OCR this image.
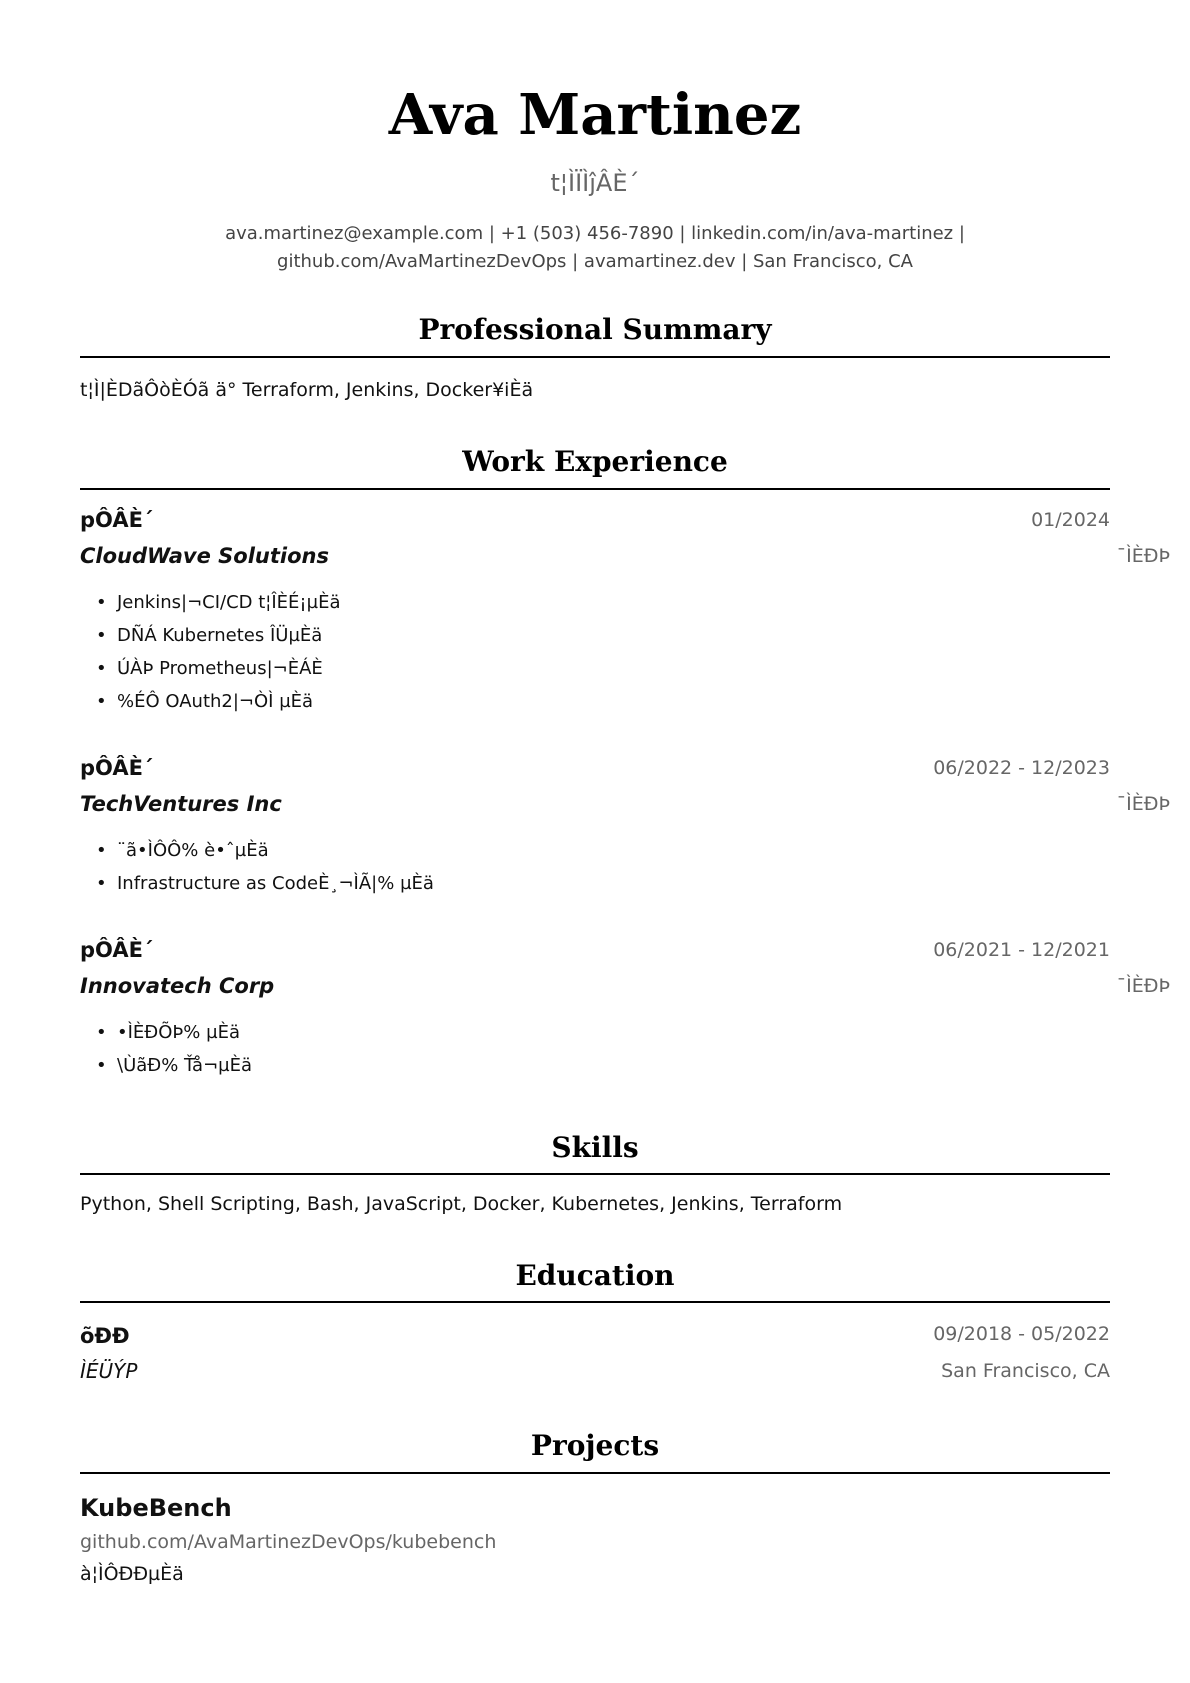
Ava Martinez
t¦ÌÏÌĵÂÈ´
ava.martinez@example.com | +1 (503) 456-7890 | linkedin.com/in/ava-martinez |
github.com/AvaMartinezDevOps | avamartinez.dev | San Francisco, CA
Professional Summary
t¦Ì|ÈDãÔòÈÓã ä° Terraform, Jenkins, Docker¥iÈä
Work Experience
pÔÂÈ´	01/2024
CloudWave Solutions	¯ÌÈÐÞ
• Jenkins|¬CI/CD t¦ÎÈÉ¡µÈä
• DÑÁ Kubernetes ÎÜµÈä
• ÚÀÞ Prometheus|¬ÈÁÈ
• %ÉÔ OAuth2|¬ÒÌ µÈä
pÔÂÈ´	06/2022 - 12/2023
TechVentures Inc	¯ÌÈÐÞ
• ¨ã•ÌÔÔ% è•ˆµÈä
• Infrastructure as CodeÈ¸¬ÌÃ|% µÈä
pÔÂÈ´	06/2021 - 12/2021
Innovatech Corp	¯ÌÈÐÞ
• •ÌÈÐÕÞ% µÈä
• \ÙãÐ% Ťå¬µÈä
Skills
Python, Shell Scripting, Bash, JavaScript, Docker, Kubernetes, Jenkins, Terraform
Education
õÐÐ	09/2018 - 05/2022
ÌÉÜÝP	San Francisco, CA
Projects
KubeBench
github.com/AvaMartinezDevOps/kubebench
à¦ÌÔÐÐµÈä
